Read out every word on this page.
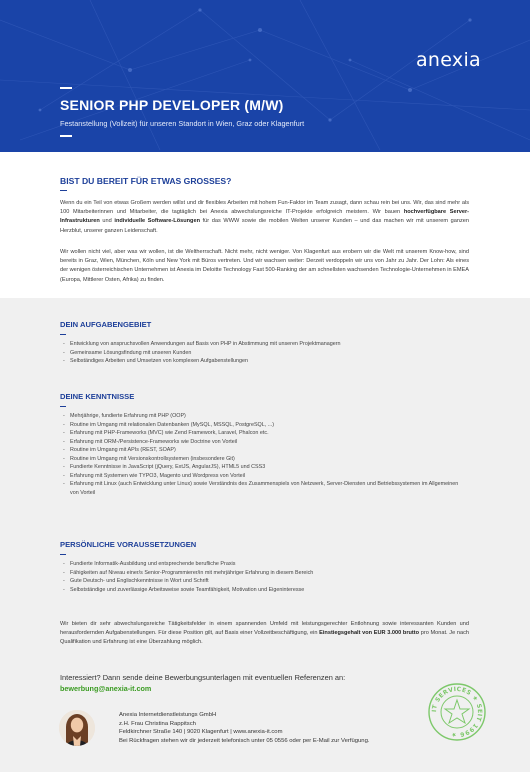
anexia
SENIOR PHP DEVELOPER (M/W)
Festanstellung (Vollzeit) für unseren Standort in Wien, Graz oder Klagenfurt
BIST DU BEREIT FÜR ETWAS GROSSES?

Wenn du ein Teil von etwas Großem werden willst und dir flexibles Arbeiten mit hohem Fun-Faktor im Team zusagt, dann schau rein bei uns. Wir, das sind mehr als 100 Mitarbeiterinnen und Mitarbeiter, die tagtäglich bei Anexia abwechslungsreiche IT-Projekte erfolgreich meistern. Wir bauen hochverfügbare Server-Infrastrukturen und individuelle Software-Lösungen für das WWW sowie die mobilen Welten unserer Kunden – und das machen wir mit unserem ganzen Herzblut, unserer ganzen Leidenschaft.

Wir wollen nicht viel, aber was wir wollen, ist die Weltherrschaft. Nicht mehr, nicht weniger. Von Klagenfurt aus erobern wir die Welt mit unserem Know-how, sind bereits in Graz, Wien, München, Köln und New York mit Büros vertreten. Und wir wachsen weiter: Derzeit verdoppeln wir uns von Jahr zu Jahr. Der Lohn: Als eines der wenigen österreichischen Unternehmen ist Anexia im Deloitte Technology Fast 500-Ranking der am schnellsten wachsenden Technologie-Unternehmen in EMEA (Europa, Mittlerer Osten, Afrika) zu finden.

DEIN AUFGABENGEBIET
- Entwicklung von anspruchsvollen Anwendungen auf Basis von PHP in Abstimmung mit unseren Projektmanagern
- Gemeinsame Lösungsfindung mit unseren Kunden
- Selbständiges Arbeiten und Umsetzen von komplexen Aufgabenstellungen
DEINE KENNTNISSE
- Mehrjährige, fundierte Erfahrung mit PHP (OOP)
- Routine im Umgang mit relationalen Datenbanken (MySQL, MSSQL, PostgreSQL, ...)
- Erfahrung mit PHP-Frameworks (MVC) wie Zend Framework, Laravel, Phalcon etc.
- Erfahrung mit ORM-/Persistence-Frameworks wie Doctrine von Vorteil
- Routine im Umgang mit APIs (REST, SOAP)
- Routine im Umgang mit Versionskontrollsystemen (insbesondere Git)
- Fundierte Kenntnisse in JavaScript (jQuery, ExtJS, AngularJS), HTML5 und CSS3
- Erfahrung mit Systemen wie TYPO3, Magento und Wordpress von Vorteil
- Erfahrung mit Linux (auch Entwicklung unter Linux) sowie Verständnis des Zusammenspiels von Netzwerk, Server-Diensten und Betriebssystemen im Allgemeinen von Vorteil
PERSÖNLICHE VORAUSSETZUNGEN
- Fundierte Informatik-Ausbildung und entsprechende berufliche Praxis
- Fähigkeiten auf Niveau einer/s Senior-Programmierer/in mit mehrjähriger Erfahrung in diesem Bereich
- Gute Deutsch- und Englischkenntnisse in Wort und Schrift
- Selbstständige und zuverlässige Arbeitsweise sowie Teamfähigkeit, Motivation und Eigeninteresse

Wir bieten dir sehr abwechslungsreiche Tätigkeitsfelder in einem spannenden Umfeld mit leistungsgerechter Entlohnung sowie interessanten Kunden und herausfordernden Aufgabenstellungen. Für diese Position gilt, auf Basis einer Vollzeitbeschäftigung, ein Einstiegsgehalt von EUR 3.000 brutto pro Monat. Je nach Qualifikation und Erfahrung ist eine Überzahlung möglich.

Interessiert? Dann sende deine Bewerbungsunterlagen mit eventuellen Referenzen an:
bewerbung@anexia-it.com
Anexia Internetdienstleistungs GmbH
z.H. Frau Christina Rappitsch
Feldkirchner Straße 140 | 9020 Klagenfurt | www.anexia-it.com
Bei Rückfragen stehen wir dir jederzeit telefonisch unter 05 0556 oder per E-Mail zur Verfügung.
IT SERVICES ★ SEIT 1996 ★
